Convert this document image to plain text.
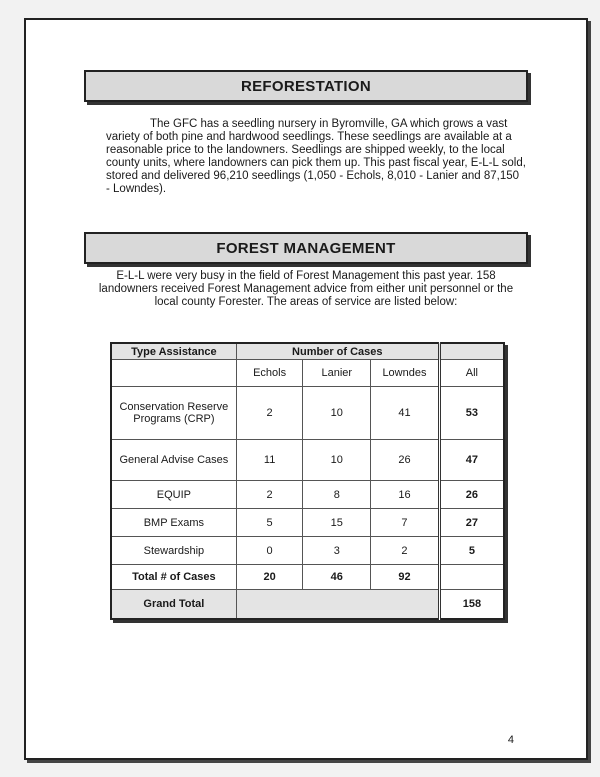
REFORESTATION

The GFC has a seedling nursery in Byromville, GA which grows a vast variety of both pine and hardwood seedlings. These seedlings are available at a reasonable price to the landowners. Seedlings are shipped weekly, to the local county units, where landowners can pick them up. This past fiscal year, E-L-L sold, stored and delivered 96,210 seedlings (1,050 - Echols, 8,010 - Lanier and 87,150 - Lowndes).

FOREST MANAGEMENT

E-L-L were very busy in the field of Forest Management this past year. 158 landowners received Forest Management advice from either unit personnel or the local county Forester. The areas of service are listed below:

Type Assistance	Number of Cases			
	Echols	Lanier	Lowndes	All
Conservation Reserve Programs (CRP)	2	10	41	53
General Advise Cases	11	10	26	47
EQUIP	2	8	16	26
BMP Exams	5	15	7	27
Stewardship	0	3	2	5
Total # of Cases	20	46	92	
Grand Total				158
4
